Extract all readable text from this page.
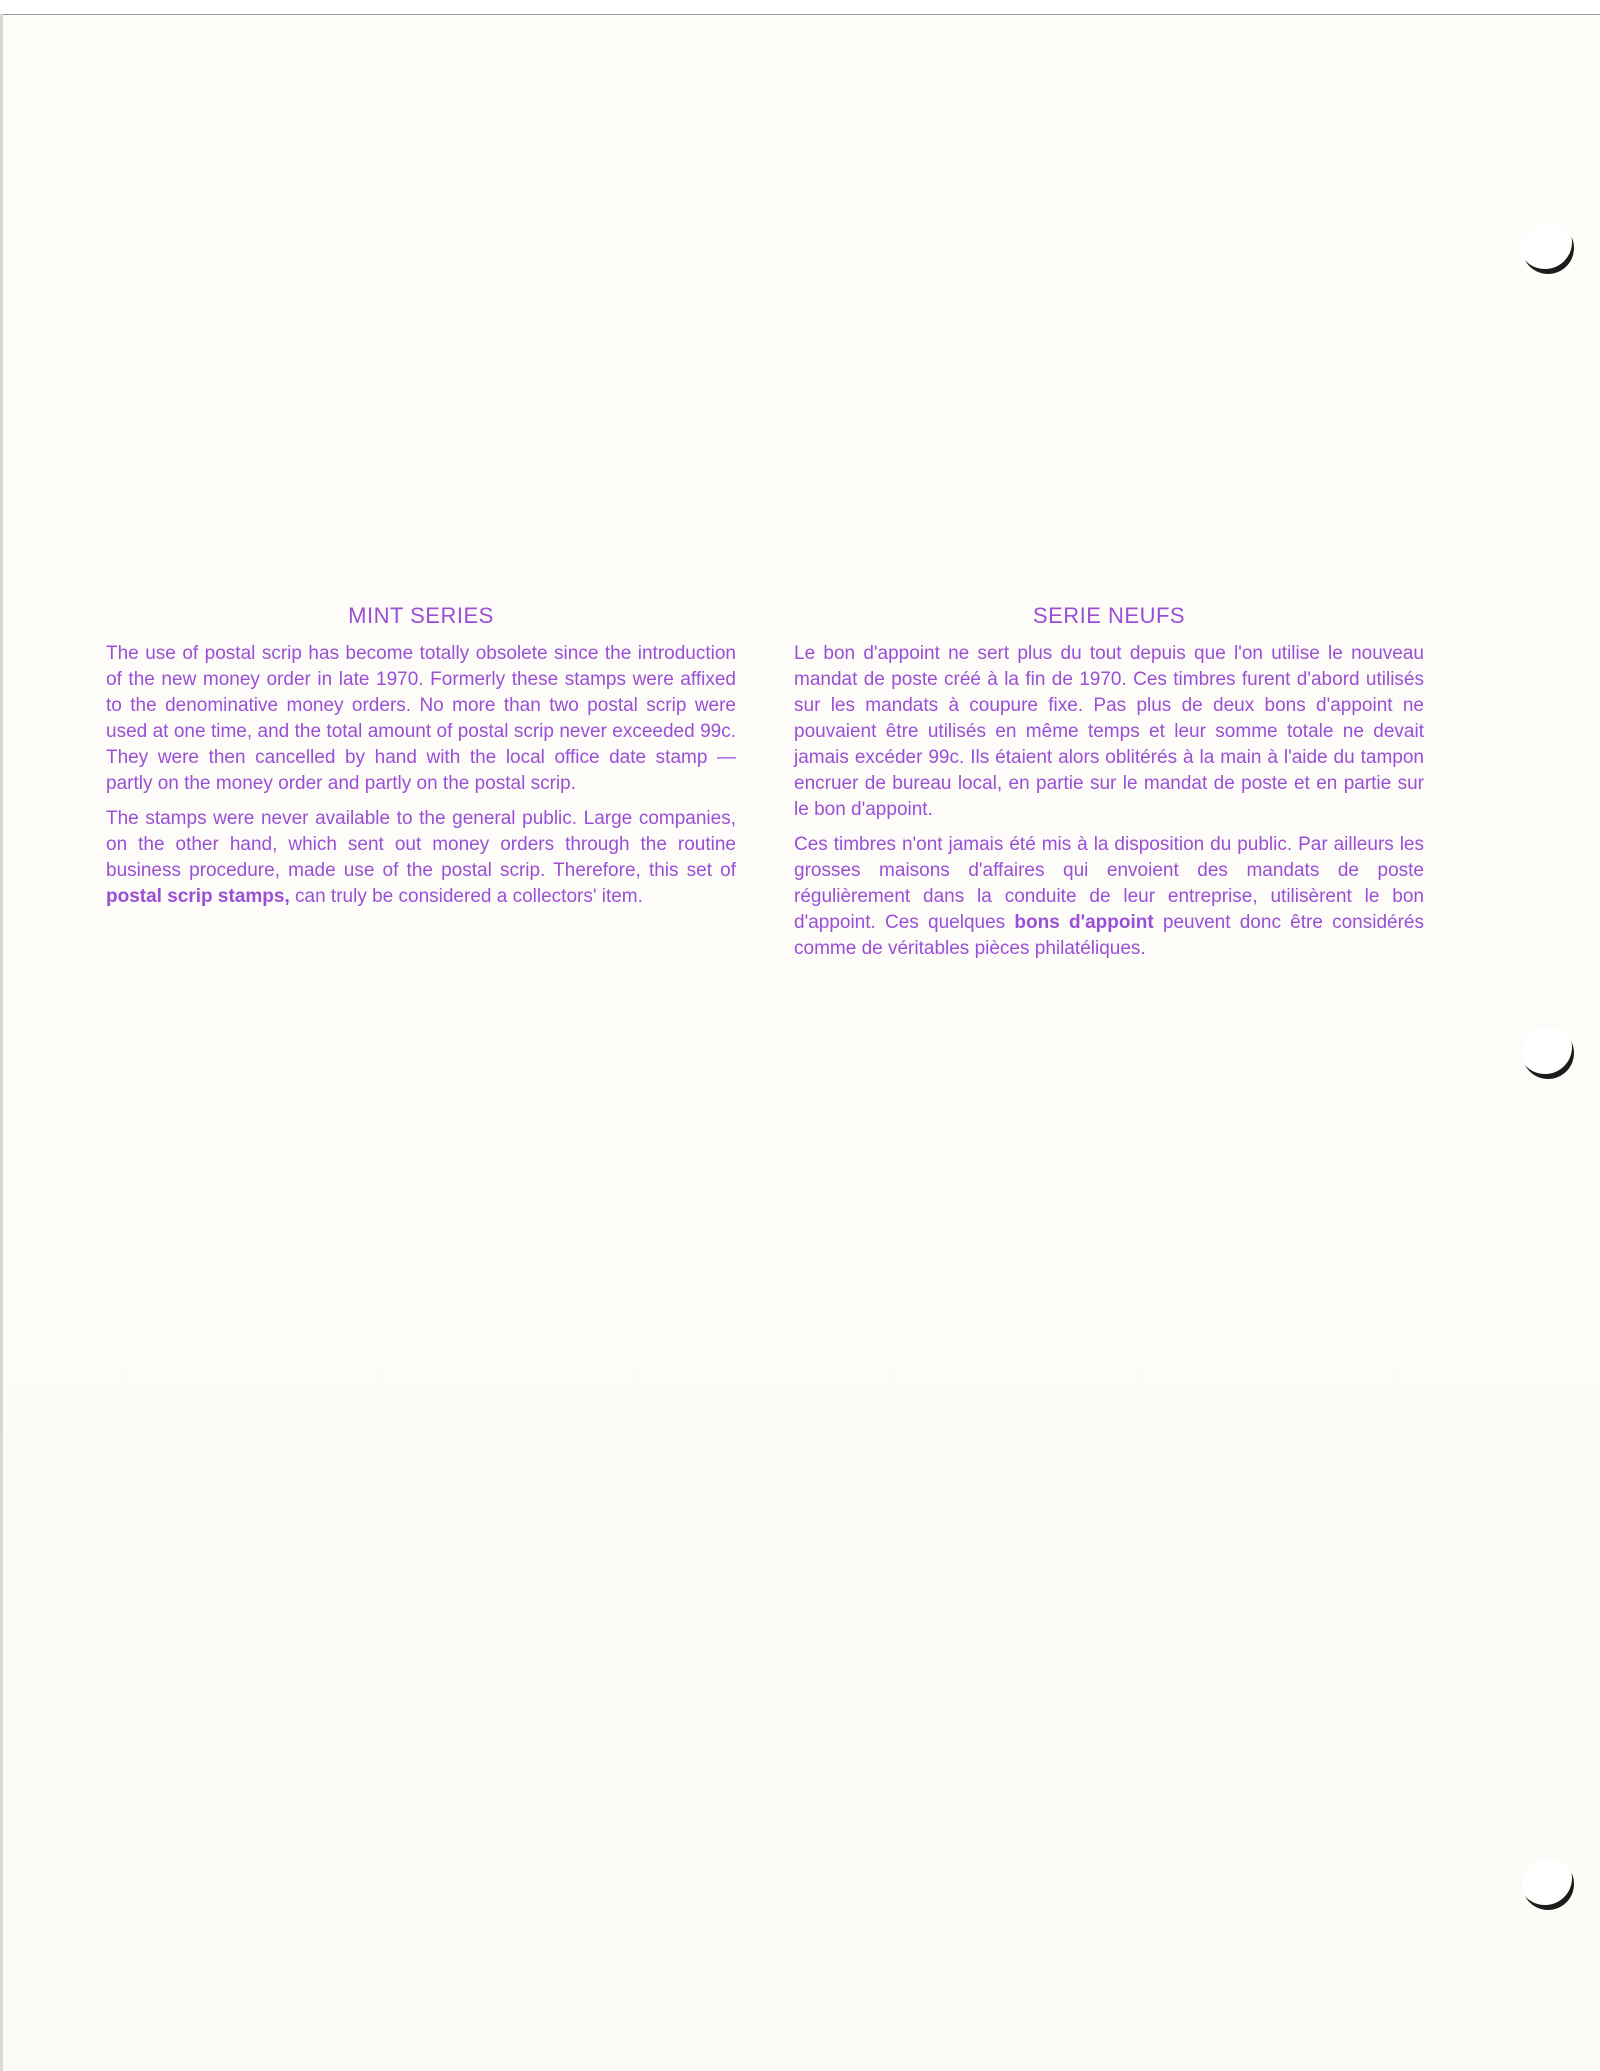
MINT SERIES

The use of postal scrip has become totally obsolete since the introduction of the new money order in late 1970. Formerly these stamps were affixed to the denominative money orders. No more than two postal scrip were used at one time, and the total amount of postal scrip never exceeded 99c. They were then cancelled by hand with the local office date stamp — partly on the money order and partly on the postal scrip.

The stamps were never available to the general public. Large companies, on the other hand, which sent out money orders through the routine business procedure, made use of the postal scrip. Therefore, this set of postal scrip stamps, can truly be considered a collectors' item.

SERIE NEUFS

Le bon d'appoint ne sert plus du tout depuis que l'on utilise le nouveau mandat de poste créé à la fin de 1970. Ces timbres furent d'abord utilisés sur les mandats à coupure fixe. Pas plus de deux bons d'appoint ne pouvaient être utilisés en même temps et leur somme totale ne devait jamais excéder 99c. Ils étaient alors oblitérés à la main à l'aide du tampon encruer de bureau local, en partie sur le mandat de poste et en partie sur le bon d'appoint.

Ces timbres n'ont jamais été mis à la disposition du public. Par ailleurs les grosses maisons d'affaires qui envoient des mandats de poste régulièrement dans la conduite de leur entreprise, utilisèrent le bon d'appoint. Ces quelques bons d'appoint peuvent donc être considérés comme de véritables pièces philatéliques.
